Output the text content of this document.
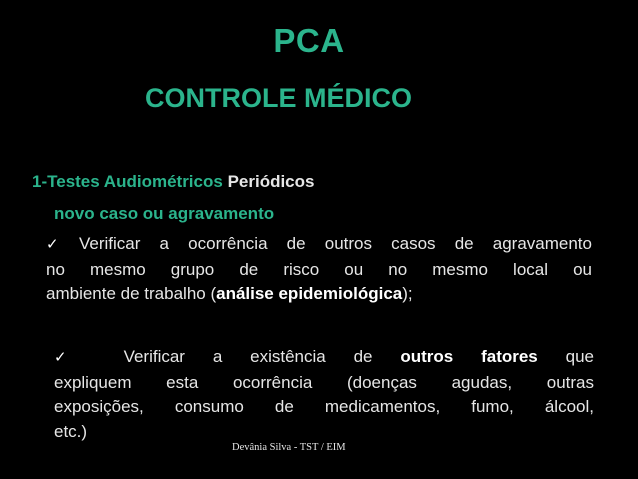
PCA
CONTROLE MÉDICO
1-Testes Audiométricos Periódicos
novo caso ou agravamento
✓ Verificar a ocorrência de outros casos de agravamento
no mesmo grupo de risco ou no mesmo local ou
ambiente de trabalho (análise epidemiológica);
✓ Verificar a existência de outros fatores que
expliquem esta ocorrência (doenças agudas, outras
exposições, consumo de medicamentos, fumo, álcool,
etc.)
Devânia Silva - TST / EIM
